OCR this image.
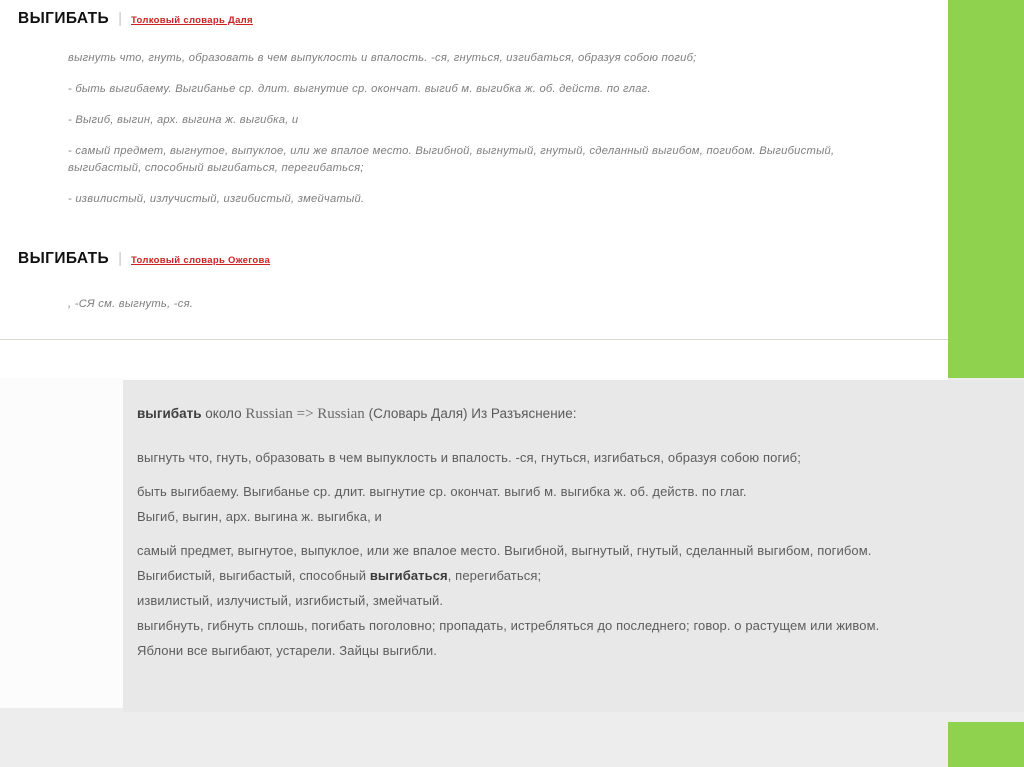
ВЫГИБАТЬ | Толковый словарь Даля

выгнуть что, гнуть, образовать в чем выпуклость и впалость. -ся, гнуться, изгибаться, образуя собою погиб;

- быть выгибаему. Выгибанье ср. длит. выгнутие ср. окончат. выгиб м. выгибка ж. об. действ. по глаг.

- Выгиб, выгин, арх. выгина ж. выгибка, и

- самый предмет, выгнутое, выпуклое, или же впалое место. Выгибной, выгнутый, гнутый, сделанный выгибом, погибом. Выгибистый, выгибастый, способный выгибаться, перегибаться;

- извилистый, излучистый, изгибистый, змейчатый.

ВЫГИБАТЬ | Толковый словарь Ожегова

, -СЯ см. выгнуть, -ся.

выгибать около Russian => Russian (Словарь Даля) Из Разъяснение:
выгнуть что, гнуть, образовать в чем выпуклость и впалость. -ся, гнуться, изгибаться, образуя собою погиб;
быть выгибаему. Выгибанье ср. длит. выгнутие ср. окончат. выгиб м. выгибка ж. об. действ. по глаг.
Выгиб, выгин, арх. выгина ж. выгибка, и
самый предмет, выгнутое, выпуклое, или же впалое место. Выгибной, выгнутый, гнутый, сделанный выгибом, погибом. Выгибистый, выгибастый, способный выгибаться, перегибаться;
извилистый, излучистый, изгибистый, змейчатый.
выгибнуть, гибнуть сплошь, погибать поголовно; пропадать, истребляться до последнего; говор. о растущем или живом. Яблони все выгибают, устарели. Зайцы выгибли.
